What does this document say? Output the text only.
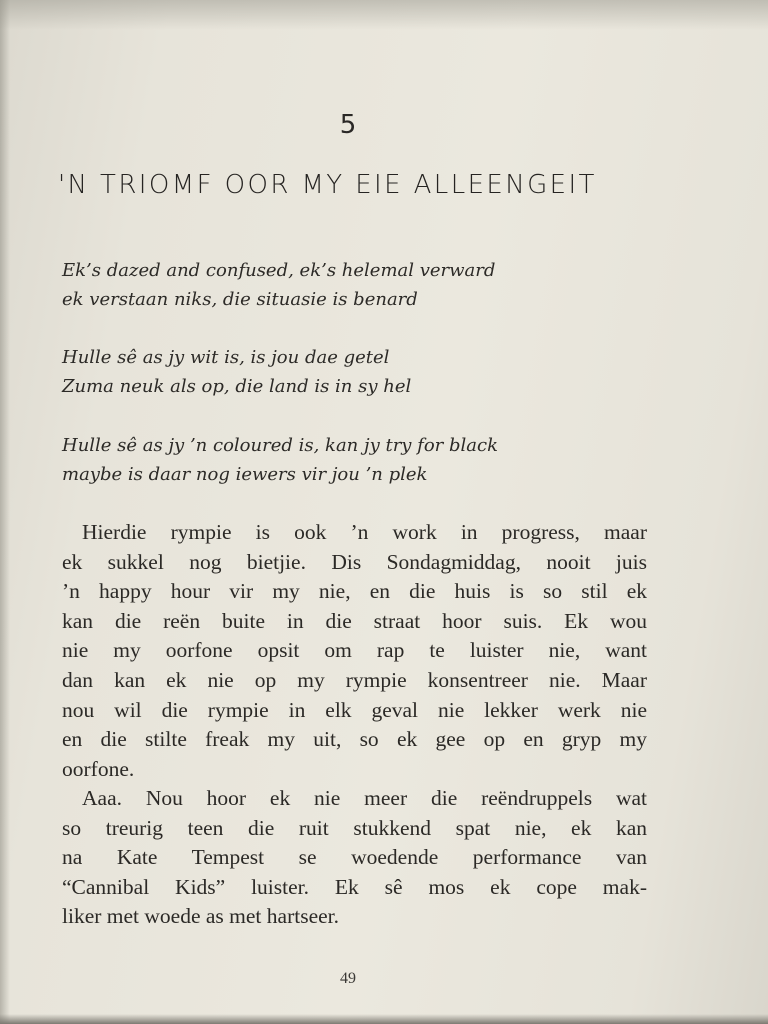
5
'N TRIOMF OOR MY EIE ALLEENGEIT
Ek’s dazed and confused, ek’s helemal verward
ek verstaan niks, die situasie is benard
Hulle sê as jy wit is, is jou dae getel
Zuma neuk als op, die land is in sy hel
Hulle sê as jy ’n coloured is, kan jy try for black
maybe is daar nog iewers vir jou ’n plek
Hierdie rympie is ook ’n work in progress, maar
ek sukkel nog bietjie. Dis Sondagmiddag, nooit juis
’n happy hour vir my nie, en die huis is so stil ek
kan die reën buite in die straat hoor suis. Ek wou
nie my oorfone opsit om rap te luister nie, want
dan kan ek nie op my rympie konsentreer nie. Maar
nou wil die rympie in elk geval nie lekker werk nie
en die stilte freak my uit, so ek gee op en gryp my
oorfone.
Aaa. Nou hoor ek nie meer die reëndruppels wat
so treurig teen die ruit stukkend spat nie, ek kan
na Kate Tempest se woedende performance van
“Cannibal Kids” luister. Ek sê mos ek cope mak-
liker met woede as met hartseer.
49
